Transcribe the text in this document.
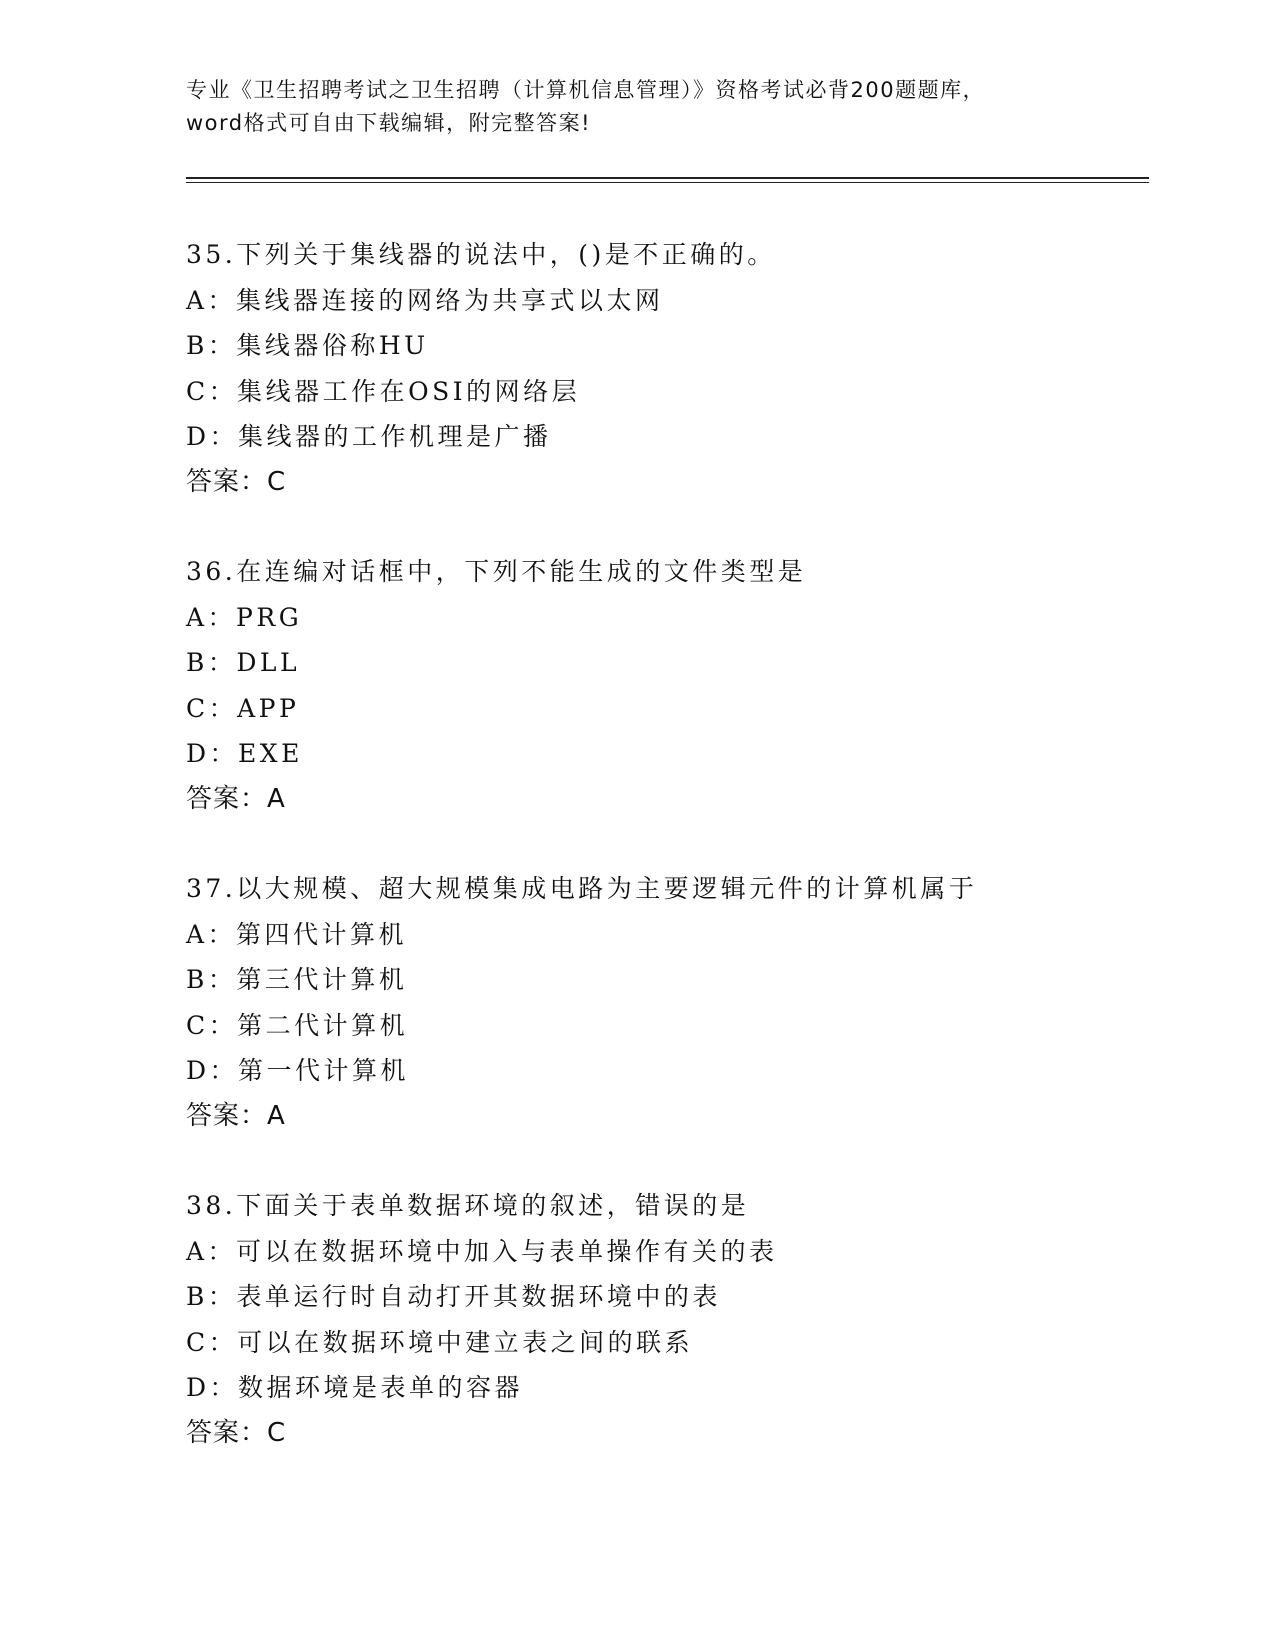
专业《卫生招聘考试之卫生招聘（计算机信息管理）》资格考试必背200题题库，
word格式可自由下载编辑，附完整答案!
35.下列关于集线器的说法中，()是不正确的。
A：集线器连接的网络为共享式以太网
B：集线器俗称HU
C：集线器工作在OSI的网络层
D：集线器的工作机理是广播
答案：C
36.在连编对话框中，下列不能生成的文件类型是
A：PRG
B：DLL
C：APP
D：EXE
答案：A
37.以大规模、超大规模集成电路为主要逻辑元件的计算机属于
A：第四代计算机
B：第三代计算机
C：第二代计算机
D：第一代计算机
答案：A
38.下面关于表单数据环境的叙述，错误的是
A：可以在数据环境中加入与表单操作有关的表
B：表单运行时自动打开其数据环境中的表
C：可以在数据环境中建立表之间的联系
D：数据环境是表单的容器
答案：C
